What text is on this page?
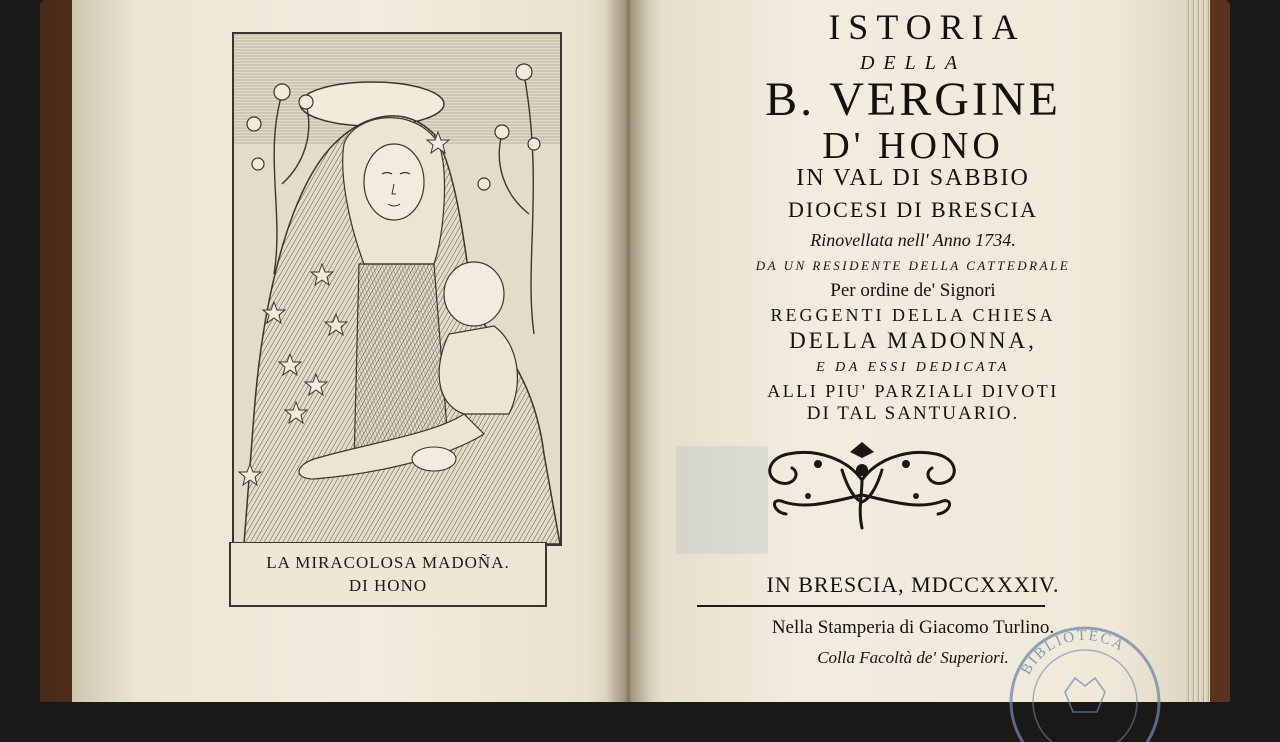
LA MIRACOLOSA MADOÑA.
DI HONO
ISTORIA
DELLA
B. VERGINE
D' HONO
IN VAL DI SABBIO
DIOCESI DI BRESCIA
Rinovellata nell' Anno 1734.
DA UN RESIDENTE DELLA CATTEDRALE
Per ordine de' Signori
REGGENTI DELLA CHIESA
DELLA MADONNA,
E DA ESSI DEDICATA
ALLI PIU' PARZIALI DIVOTI
DI TAL SANTUARIO.
IN BRESCIA, MDCCXXXIV.
Nella Stamperia di Giacomo Turlino.
Colla Facoltà de' Superiori.
BIBLIOTECA
